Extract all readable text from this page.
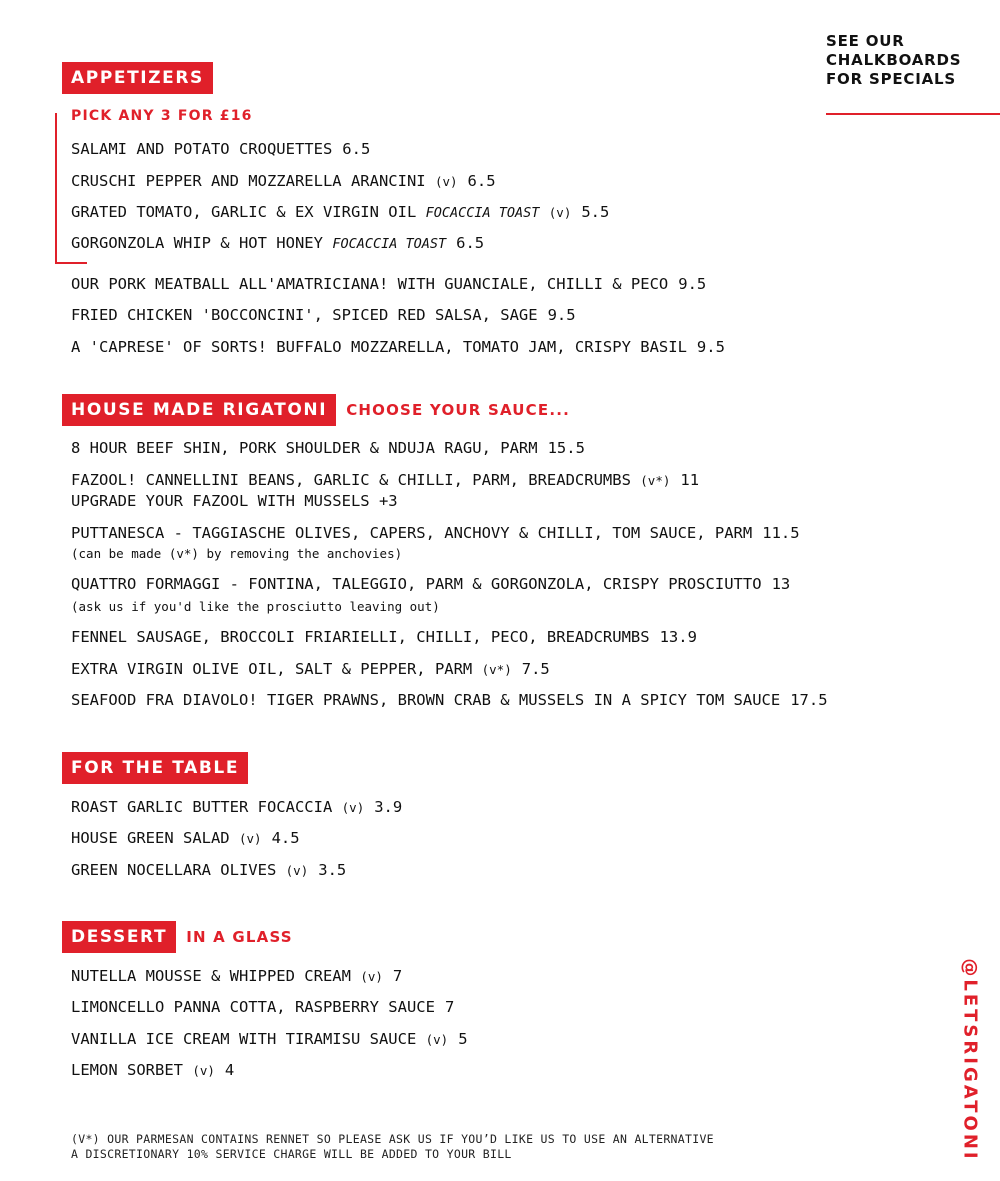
SEE OUR
CHALKBOARDS
FOR SPECIALS
APPETIZERS
PICK ANY 3 FOR £16
SALAMI AND POTATO CROQUETTES 6.5
CRUSCHI PEPPER AND MOZZARELLA ARANCINI (v) 6.5
GRATED TOMATO, GARLIC & EX VIRGIN OIL FOCACCIA TOAST (v) 5.5
GORGONZOLA WHIP & HOT HONEY FOCACCIA TOAST 6.5
OUR PORK MEATBALL ALL'AMATRICIANA! WITH GUANCIALE, CHILLI & PECO 9.5
FRIED CHICKEN 'BOCCONCINI', SPICED RED SALSA, SAGE 9.5
A 'CAPRESE' OF SORTS! BUFFALO MOZZARELLA, TOMATO JAM, CRISPY BASIL 9.5
HOUSE MADE RIGATONI	CHOOSE YOUR SAUCE...
8 HOUR BEEF SHIN, PORK SHOULDER & NDUJA RAGU, PARM 15.5
FAZOOL! CANNELLINI BEANS, GARLIC & CHILLI, PARM, BREADCRUMBS (v*) 11
UPGRADE YOUR FAZOOL WITH MUSSELS +3
PUTTANESCA - TAGGIASCHE OLIVES, CAPERS, ANCHOVY & CHILLI, TOM SAUCE, PARM 11.5
(can be made (v*) by removing the anchovies)
QUATTRO FORMAGGI - FONTINA, TALEGGIO, PARM & GORGONZOLA, CRISPY PROSCIUTTO 13
(ask us if you'd like the prosciutto leaving out)
FENNEL SAUSAGE, BROCCOLI FRIARIELLI, CHILLI, PECO, BREADCRUMBS 13.9
EXTRA VIRGIN OLIVE OIL, SALT & PEPPER, PARM (v*) 7.5
SEAFOOD FRA DIAVOLO! TIGER PRAWNS, BROWN CRAB & MUSSELS IN A SPICY TOM SAUCE 17.5
FOR THE TABLE
ROAST GARLIC BUTTER FOCACCIA (v) 3.9
HOUSE GREEN SALAD (v) 4.5
GREEN NOCELLARA OLIVES (v) 3.5
DESSERT	IN A GLASS
NUTELLA MOUSSE & WHIPPED CREAM (v) 7
LIMONCELLO PANNA COTTA, RASPBERRY SAUCE 7
VANILLA ICE CREAM WITH TIRAMISU SAUCE (v) 5
LEMON SORBET (v) 4
(V*) OUR PARMESAN CONTAINS RENNET SO PLEASE ASK US IF YOU’D LIKE US TO USE AN ALTERNATIVE
A DISCRETIONARY 10% SERVICE CHARGE WILL BE ADDED TO YOUR BILL	@LETSRIGATONI
